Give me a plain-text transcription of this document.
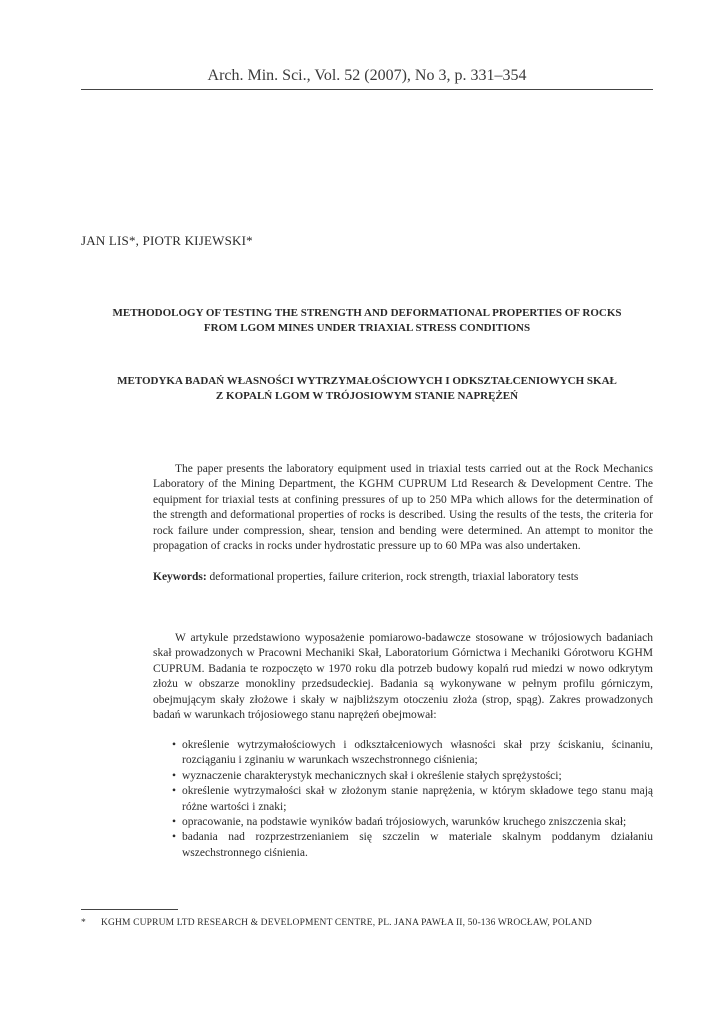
Arch. Min. Sci., Vol. 52 (2007), No 3, p. 331–354
JAN LIS*, PIOTR KIJEWSKI*
METHODOLOGY OF TESTING THE STRENGTH AND DEFORMATIONAL PROPERTIES OF ROCKS
FROM LGOM MINES UNDER TRIAXIAL STRESS CONDITIONS
METODYKA BADAŃ WŁASNOŚCI WYTRZYMAŁOŚCIOWYCH I ODKSZTAŁCENIOWYCH SKAŁ
Z KOPALŃ LGOM W TRÓJOSIOWYM STANIE NAPRĘŻEŃ

The paper presents the laboratory equipment used in triaxial tests carried out at the Rock Mechanics Laboratory of the Mining Department, the KGHM CUPRUM Ltd Research & Development Centre. The equipment for triaxial tests at confining pressures of up to 250 MPa which allows for the determination of the strength and deformational properties of rocks is described. Using the results of the tests, the criteria for rock failure under compression, shear, tension and bending were determined. An attempt to monitor the propagation of cracks in rocks under hydrostatic pressure up to 60 MPa was also undertaken.

Keywords: deformational properties, failure criterion, rock strength, triaxial laboratory tests

W artykule przedstawiono wyposażenie pomiarowo-badawcze stosowane w trójosiowych badaniach skał prowadzonych w Pracowni Mechaniki Skał, Laboratorium Górnictwa i Mechaniki Górotworu KGHM CUPRUM. Badania te rozpoczęto w 1970 roku dla potrzeb budowy kopalń rud miedzi w nowo odkrytym złożu w obszarze monokliny przedsudeckiej. Badania są wykonywane w pełnym profilu górniczym, obejmującym skały złożowe i skały w najbliższym otoczeniu złoża (strop, spąg). Zakres prowadzonych badań w warunkach trójosiowego stanu naprężeń obejmował:

• określenie wytrzymałościowych i odkształceniowych własności skał przy ściskaniu, ścinaniu, rozciąganiu i zginaniu w warunkach wszechstronnego ciśnienia;
• wyznaczenie charakterystyk mechanicznych skał i określenie stałych sprężystości;
• określenie wytrzymałości skał w złożonym stanie naprężenia, w którym składowe tego stanu mają różne wartości i znaki;
• opracowanie, na podstawie wyników badań trójosiowych, warunków kruchego zniszczenia skał;
• badania nad rozprzestrzenianiem się szczelin w materiale skalnym poddanym działaniu wszechstronnego ciśnienia.
* KGHM CUPRUM LTD RESEARCH & DEVELOPMENT CENTRE, PL. JANA PAWŁA II, 50-136 WROCŁAW, POLAND
